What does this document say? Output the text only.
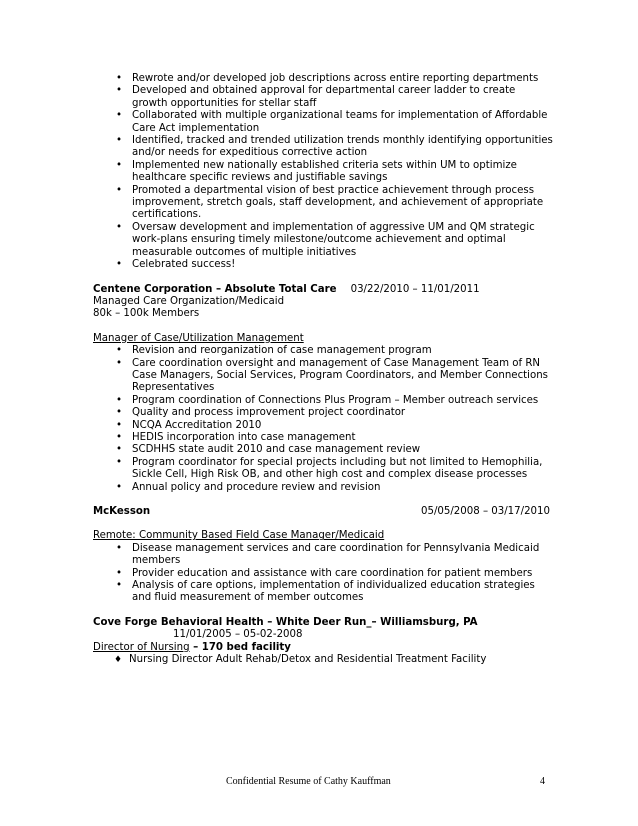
• Rewrote and/or developed job descriptions across entire reporting departments
• Developed and obtained approval for departmental career ladder to create growth opportunities for stellar staff
• Collaborated with multiple organizational teams for implementation of Affordable Care Act implementation
• Identified, tracked and trended utilization trends monthly identifying opportunities and/or needs for expeditious corrective action
• Implemented new nationally established criteria sets within UM to optimize healthcare specific reviews and justifiable savings
• Promoted a departmental vision of best practice achievement through process improvement, stretch goals, staff development, and achievement of appropriate certifications.
• Oversaw development and implementation of aggressive UM and QM strategic work-plans ensuring timely milestone/outcome achievement and optimal measurable outcomes of multiple initiatives
• Celebrated success!
Centene Corporation – Absolute Total Care	03/22/2010 – 11/01/2011
Managed Care Organization/Medicaid
80k – 100k Members
Manager of Case/Utilization Management
• Revision and reorganization of case management program
• Care coordination oversight and management of Case Management Team of RN Case Managers, Social Services, Program Coordinators, and Member Connections Representatives
• Program coordination of Connections Plus Program – Member outreach services
• Quality and process improvement project coordinator
• NCQA Accreditation 2010
• HEDIS incorporation into case management
• SCDHHS state audit 2010 and case management review
• Program coordinator for special projects including but not limited to Hemophilia, Sickle Cell, High Risk OB, and other high cost and complex disease processes
• Annual policy and procedure review and revision
McKesson	05/05/2008 – 03/17/2010
Remote: Community Based Field Case Manager/Medicaid
• Disease management services and care coordination for Pennsylvania Medicaid members
• Provider education and assistance with care coordination for patient members
• Analysis of care options, implementation of individualized education strategies and fluid measurement of member outcomes
Cove Forge Behavioral Health – White Deer Run_– Williamsburg, PA
11/01/2005 – 05-02-2008
Director of Nursing – 170 bed facility
♦ Nursing Director Adult Rehab/Detox and Residential Treatment Facility
Confidential Resume of Cathy Kauffman	4
